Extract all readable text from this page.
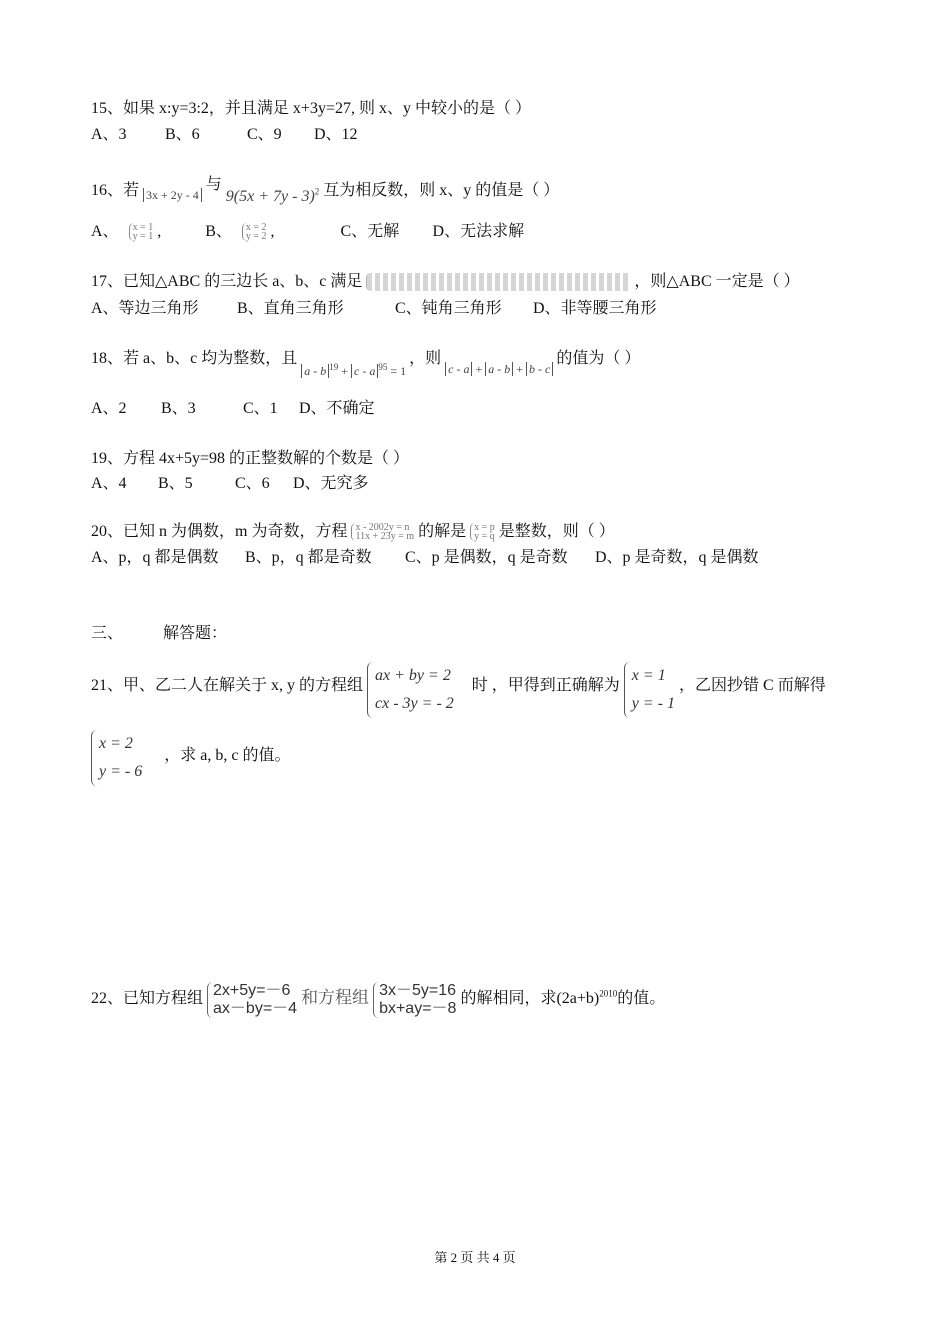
15、如果 x:y=3:2，并且满足 x+3y=27, 则 x、y 中较小的是（ ）
A、3 B、6	C、9 D、12
16、若 3x + 2y - 4 与 $9(5x + 7y - 3)^2$ 互为相反数，则 x、y 的值是（ ）
A、 x = 1
y = 1 ,	B、 x = 2
y = 2 ,	C、无解 D、无法求解
17、已知△ABC 的三边长 a、b、c 满足	，则△ABC 一定是（ ）
A、等边三角形 B、直角三角形	C、钝角三角形 D、非等腰三角形
18、若 a、b、c 均为整数，且 $_{a - b ^{19} + c - a ^{95} = 1}$ ，则 $_{c - a + a - b + b - c}$ 的值为（ ）
A、2 B、3	C、1 D、不确定
19、方程 4x+5y=98 的正整数解的个数是（ ）
A、4 B、5	C、6 D、无究多
20、已知 n 为偶数，m 为奇数，方程 x - 2002y = n
11x + 23y = m 的解是 x = p
y = q 是整数，则（ ）
A、p，q 都是偶数 B、p，q 都是奇数 C、p 是偶数，q 是奇数 D、p 是奇数，q 是偶数
三、 解答题：
21、甲、乙二人在解关于 x, y 的方程组
ax + by = 2
cx - 3y = - 2
时 ，甲得到正确解为
x = 1
y = - 1
，乙因抄错 C 而解得
x = 2
y = - 6
，求 a, b, c 的值。
22、已知方程组 2x+5y=－6
ax－by=－4
和方程组 3x－5y=16
bx+ay=－8
的解相同，求$(2a+b)^{2010}$的值。
第 2 页 共 4 页
